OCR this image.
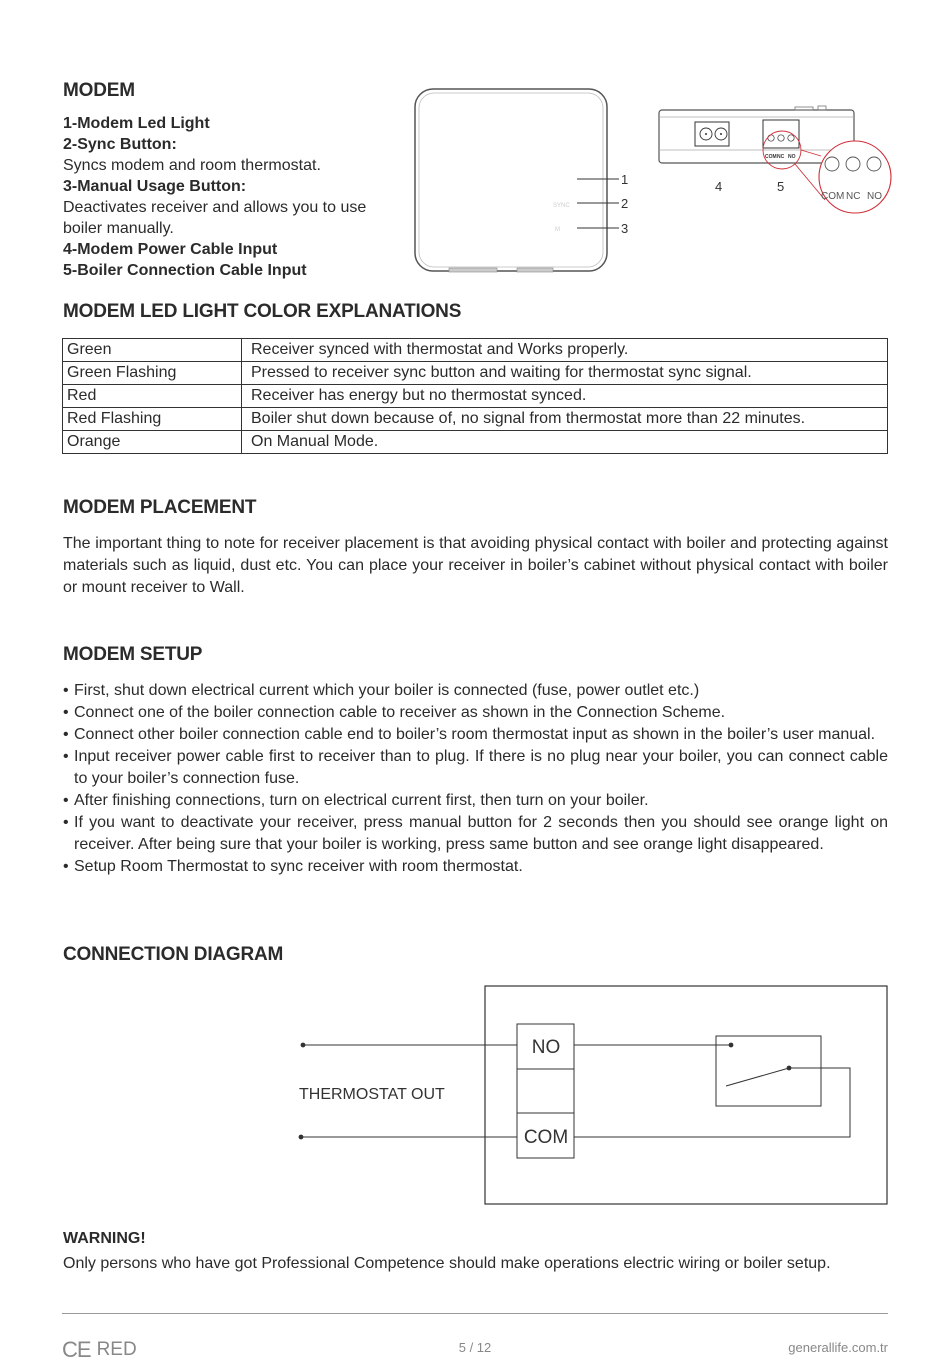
MODEM
1-Modem Led Light
2-Sync Button:
Syncs modem and room thermostat.
3-Manual Usage Button:
Deactivates receiver and allows you to use boiler manually.
4-Modem Power Cable Input
5-Boiler Connection Cable Input
SYNC
M
1
2
3
COM NC NO
COM NC NO
4	5
MODEM LED LIGHT COLOR EXPLANATIONS
Green	Receiver synced with thermostat and Works properly.
Green Flashing	Pressed to receiver sync button and waiting for thermostat sync signal.
Red	Receiver has energy but no thermostat synced.
Red Flashing	Boiler shut down because of, no signal from thermostat more than 22 minutes.
Orange	On Manual Mode.
MODEM PLACEMENT

The important thing to note for receiver placement is that avoiding physical contact with boiler and protecting against materials such as liquid, dust etc. You can place your receiver in boiler’s cabinet without physical contact with boiler or mount receiver to Wall.

MODEM SETUP
• First, shut down electrical current which your boiler is connected (fuse, power outlet etc.)
• Connect one of the boiler connection cable to receiver as shown in the Connection Scheme.
• Connect other boiler connection cable end to boiler’s room thermostat input as shown in the boiler’s user manual.
• Input receiver power cable first to receiver than to plug. If there is no plug near your boiler, you can connect cable to your boiler’s connection fuse.
• After finishing connections, turn on electrical current first, then turn on your boiler.
• If you want to deactivate your receiver, press manual button for 2 seconds then you should see orange light on receiver. After being sure that your boiler is working, press same button and see orange light disappeared.
• Setup Room Thermostat to sync receiver with room thermostat.
CONNECTION DIAGRAM
NO
COM
THERMOSTAT OUT
WARNING!
Only persons who have got Professional Competence should make operations electric wiring or boiler setup.
CE RED	5 / 12	generallife.com.tr
